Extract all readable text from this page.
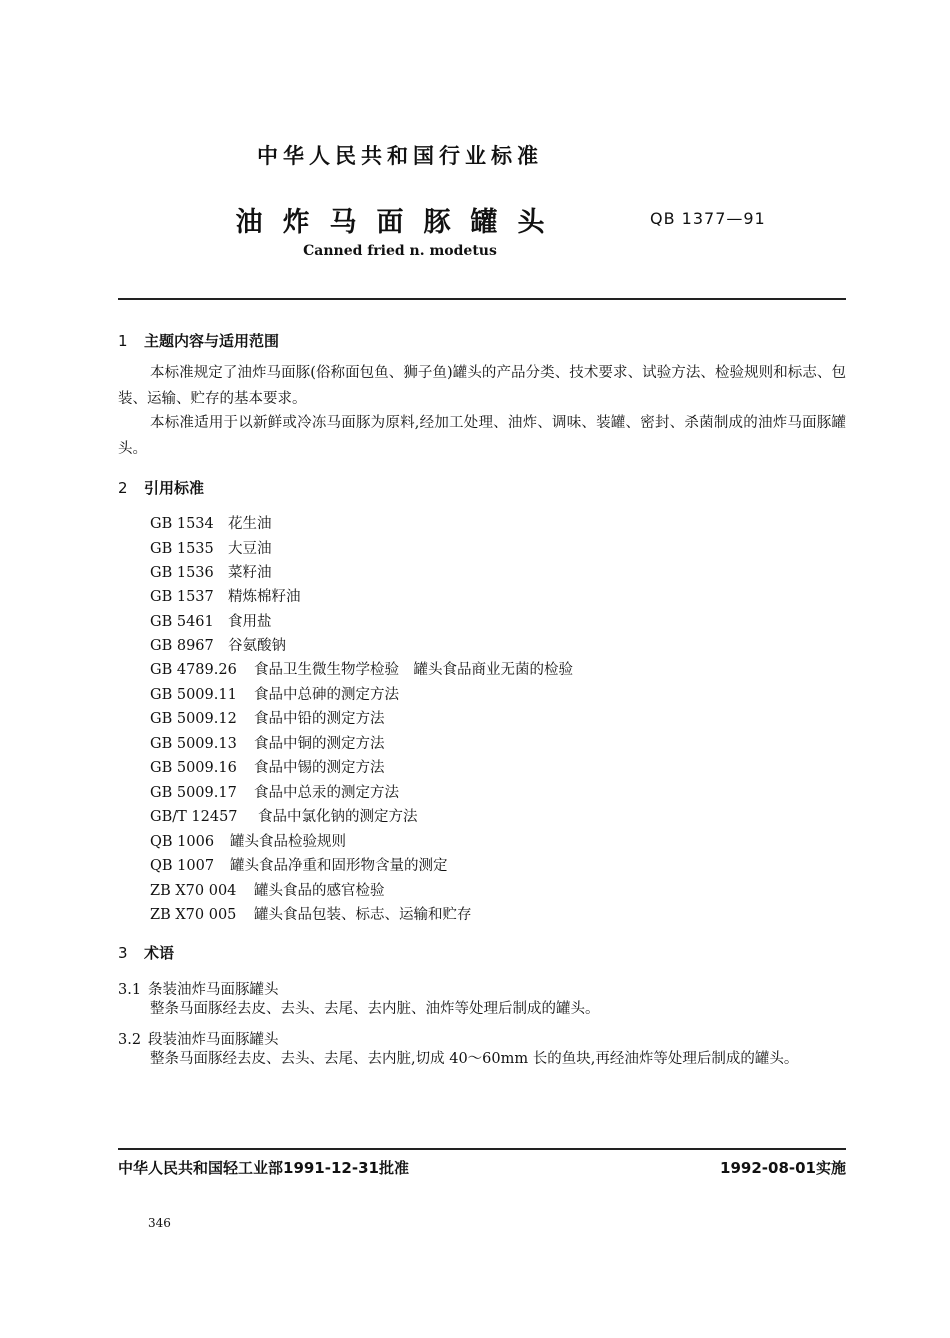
中华人民共和国行业标准
油炸马面豚罐头
Canned fried n. modetus
QB 1377—91
1 主题内容与适用范围
本标准规定了油炸马面豚(俗称面包鱼、狮子鱼)罐头的产品分类、技术要求、试验方法、检验规则和标志、包装、运输、贮存的基本要求。
本标准适用于以新鲜或冷冻马面豚为原料,经加工处理、油炸、调味、装罐、密封、杀菌制成的油炸马面豚罐头。
2 引用标准
GB 1534 花生油
GB 1535 大豆油
GB 1536 菜籽油
GB 1537 精炼棉籽油
GB 5461 食用盐
GB 8967 谷氨酸钠
GB 4789.26 食品卫生微生物学检验　罐头食品商业无菌的检验
GB 5009.11 食品中总砷的测定方法
GB 5009.12 食品中铅的测定方法
GB 5009.13 食品中铜的测定方法
GB 5009.16 食品中锡的测定方法
GB 5009.17 食品中总汞的测定方法
GB/T 12457 食品中氯化钠的测定方法
QB 1006 罐头食品检验规则
QB 1007 罐头食品净重和固形物含量的测定
ZB X70 004 罐头食品的感官检验
ZB X70 005 罐头食品包装、标志、运输和贮存
3 术语
3.1 条装油炸马面豚罐头
整条马面豚经去皮、去头、去尾、去内脏、油炸等处理后制成的罐头。
3.2 段装油炸马面豚罐头
整条马面豚经去皮、去头、去尾、去内脏,切成 40～60mm 长的鱼块,再经油炸等处理后制成的罐头。
中华人民共和国轻工业部1991-12-31批准	1992-08-01实施
346
